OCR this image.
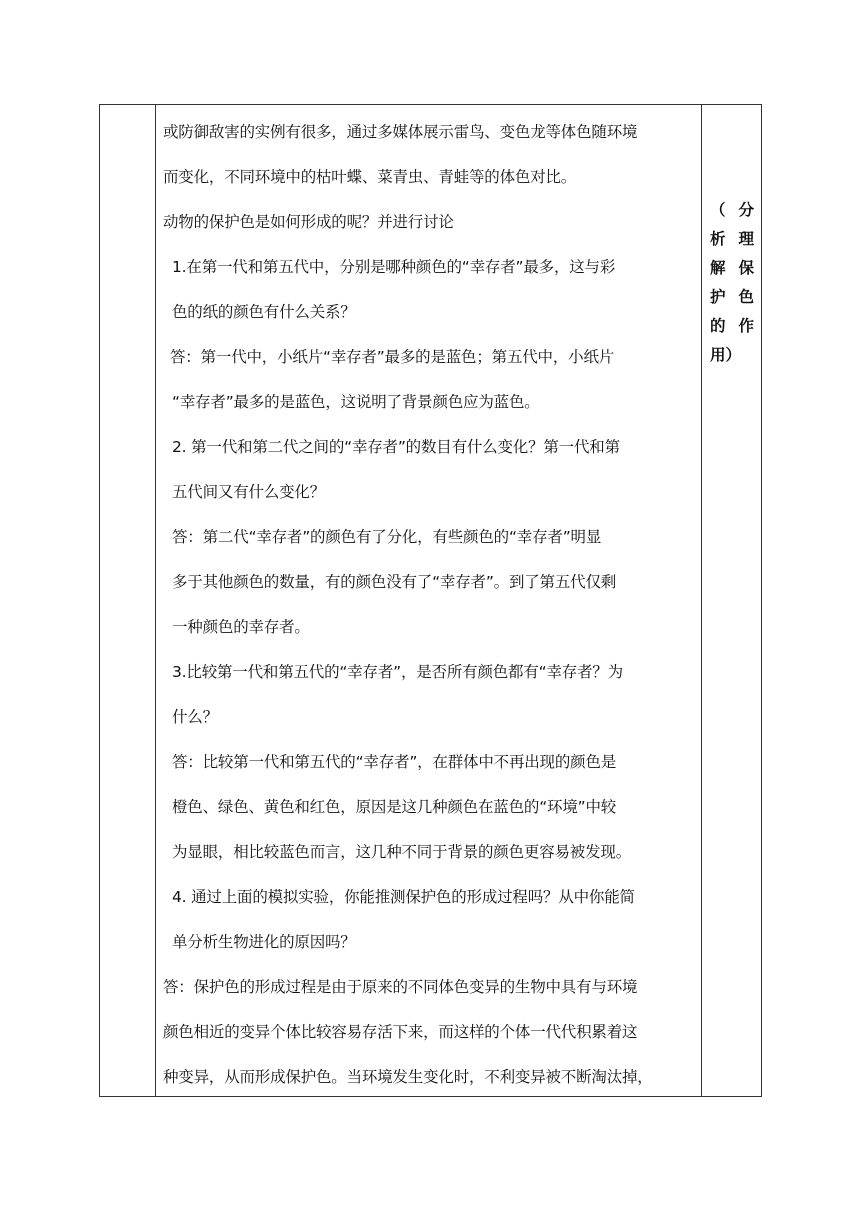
或防御敌害的实例有很多，通过多媒体展示雷鸟、变色龙等体色随环境
而变化，不同环境中的枯叶蝶、菜青虫、青蛙等的体色对比。
动物的保护色是如何形成的呢？并进行讨论
1.在第一代和第五代中，分别是哪种颜色的“幸存者”最多，这与彩
色的纸的颜色有什么关系？
答：第一代中，小纸片“幸存者”最多的是蓝色；第五代中，小纸片
“幸存者”最多的是蓝色，这说明了背景颜色应为蓝色。
2. 第一代和第二代之间的“幸存者”的数目有什么变化？第一代和第
五代间又有什么变化？
答：第二代“幸存者”的颜色有了分化，有些颜色的“幸存者”明显
多于其他颜色的数量，有的颜色没有了“幸存者”。到了第五代仅剩
一种颜色的幸存者。
3.比较第一代和第五代的“幸存者”，是否所有颜色都有“幸存者？为
什么？
答：比较第一代和第五代的“幸存者”，在群体中不再出现的颜色是
橙色、绿色、黄色和红色，原因是这几种颜色在蓝色的“环境”中较
为显眼，相比较蓝色而言，这几种不同于背景的颜色更容易被发现。
4. 通过上面的模拟实验，你能推测保护色的形成过程吗？从中你能简
单分析生物进化的原因吗？
答：保护色的形成过程是由于原来的不同体色变异的生物中具有与环境
颜色相近的变异个体比较容易存活下来，而这样的个体一代代积累着这
种变异，从而形成保护色。当环境发生变化时，不利变异被不断淘汰掉，
（ 分
析 理
解 保
护 色
的 作
用）
